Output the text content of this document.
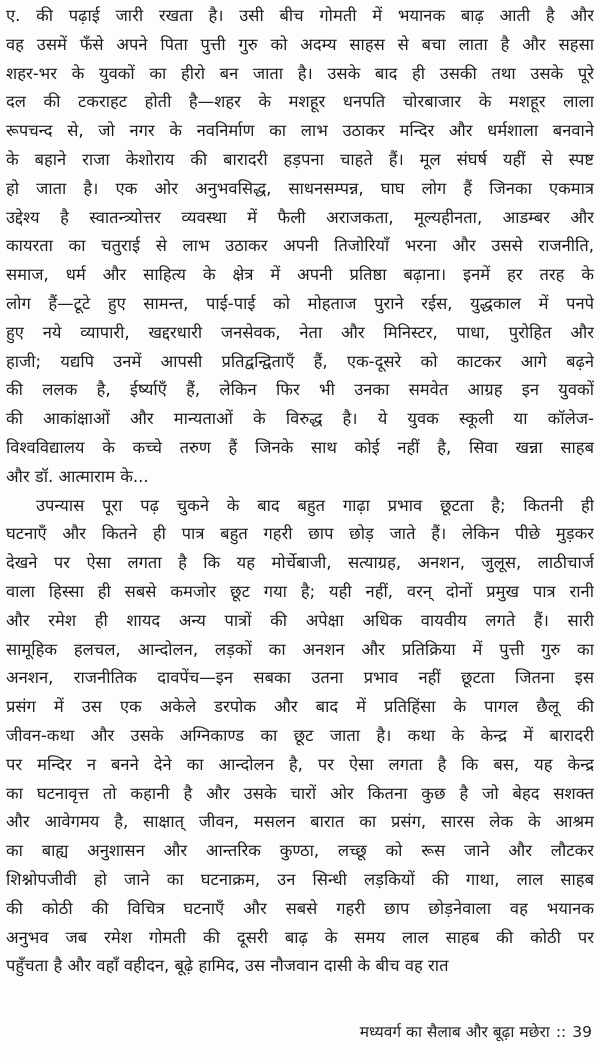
ए. की पढ़ाई जारी रखता है। उसी बीच गोमती में भयानक बाढ़ आती है और
वह उसमें फँसे अपने पिता पुत्ती गुरु को अदम्य साहस से बचा लाता है और सहसा
शहर-भर के युवकों का हीरो बन जाता है। उसके बाद ही उसकी तथा उसके पूरे
दल की टकराहट होती है—शहर के मशहूर धनपति चोरबाजार के मशहूर लाला
रूपचन्द से, जो नगर के नवनिर्माण का लाभ उठाकर मन्दिर और धर्मशाला बनवाने
के बहाने राजा केशोराय की बारादरी हड़पना चाहते हैं। मूल संघर्ष यहीं से स्पष्ट
हो जाता है। एक ओर अनुभवसिद्ध, साधनसम्पन्न, घाघ लोग हैं जिनका एकमात्र
उद्देश्य है स्वातन्त्र्योत्तर व्यवस्था में फैली अराजकता, मूल्यहीनता, आडम्बर और
कायरता का चतुराई से लाभ उठाकर अपनी तिजोरियाँ भरना और उससे राजनीति,
समाज, धर्म और साहित्य के क्षेत्र में अपनी प्रतिष्ठा बढ़ाना। इनमें हर तरह के
लोग हैं—टूटे हुए सामन्त, पाई-पाई को मोहताज पुराने रईस, युद्धकाल में पनपे
हुए नये व्यापारी, खद्दरधारी जनसेवक, नेता और मिनिस्टर, पाधा, पुरोहित और
हाजी; यद्यपि उनमें आपसी प्रतिद्वन्द्विताएँ हैं, एक-दूसरे को काटकर आगे बढ़ने
की ललक है, ईर्ष्याएँ हैं, लेकिन फिर भी उनका समवेत आग्रह इन युवकों
की आकांक्षाओं और मान्यताओं के विरुद्ध है। ये युवक स्कूली या कॉलेज-
विश्वविद्यालय के कच्चे तरुण हैं जिनके साथ कोई नहीं है, सिवा खन्ना साहब
और डॉ. आत्माराम के...
उपन्यास पूरा पढ़ चुकने के बाद बहुत गाढ़ा प्रभाव छूटता है; कितनी ही
घटनाएँ और कितने ही पात्र बहुत गहरी छाप छोड़ जाते हैं। लेकिन पीछे मुड़कर
देखने पर ऐसा लगता है कि यह मोर्चेबाजी, सत्याग्रह, अनशन, जुलूस, लाठीचार्ज
वाला हिस्सा ही सबसे कमजोर छूट गया है; यही नहीं, वरन् दोनों प्रमुख पात्र रानी
और रमेश ही शायद अन्य पात्रों की अपेक्षा अधिक वायवीय लगते हैं। सारी
सामूहिक हलचल, आन्दोलन, लड़कों का अनशन और प्रतिक्रिया में पुत्ती गुरु का
अनशन, राजनीतिक दावपेंच—इन सबका उतना प्रभाव नहीं छूटता जितना इस
प्रसंग में उस एक अकेले डरपोक और बाद में प्रतिहिंसा के पागल छैलू की
जीवन-कथा और उसके अग्निकाण्ड का छूट जाता है। कथा के केन्द्र में बारादरी
पर मन्दिर न बनने देने का आन्दोलन है, पर ऐसा लगता है कि बस, यह केन्द्र
का घटनावृत्त तो कहानी है और उसके चारों ओर कितना कुछ है जो बेहद सशक्त
और आवेगमय है, साक्षात् जीवन, मसलन बारात का प्रसंग, सारस लेक के आश्रम
का बाह्य अनुशासन और आन्तरिक कुण्ठा, लच्छू को रूस जाने और लौटकर
शिश्नोपजीवी हो जाने का घटनाक्रम, उन सिन्धी लड़कियों की गाथा, लाल साहब
की कोठी की विचित्र घटनाएँ और सबसे गहरी छाप छोड़नेवाला वह भयानक
अनुभव जब रमेश गोमती की दूसरी बाढ़ के समय लाल साहब की कोठी पर
पहुँचता है और वहाँ वहीदन, बूढ़े हामिद, उस नौजवान दासी के बीच वह रात
मध्यवर्ग का सैलाब और बूढ़ा मछेरा :: 39
